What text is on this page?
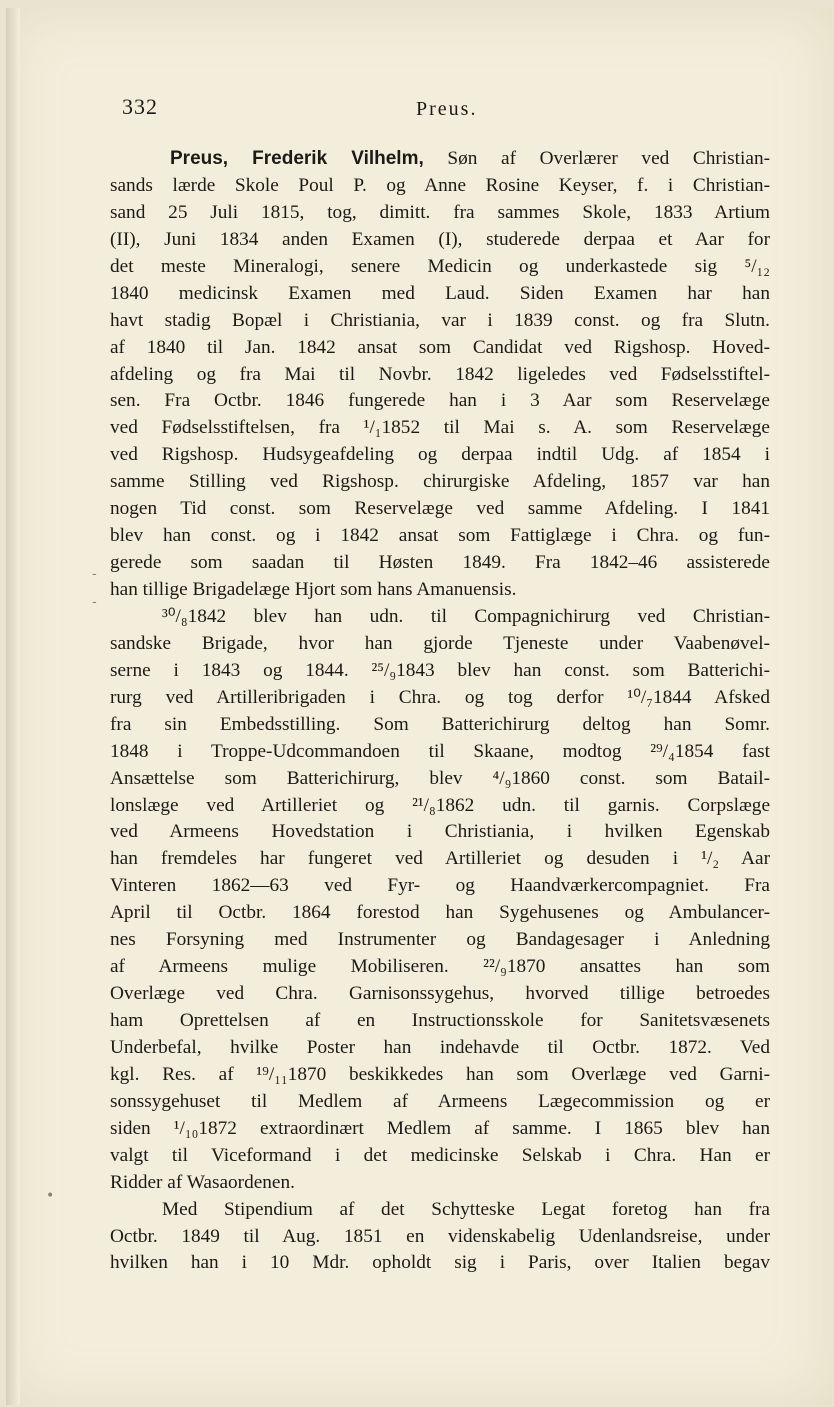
332	Preus.
Preus, Frederik Vilhelm, Søn af Overlærer ved Christian-
sands lærde Skole Poul P. og Anne Rosine Keyser, f. i Christian-
sand 25 Juli 1815, tog, dimitt. fra sammes Skole, 1833 Artium
(II), Juni 1834 anden Examen (I), studerede derpaa et Aar for
det meste Mineralogi, senere Medicin og underkastede sig ⁵/₁₂
1840 medicinsk Examen med Laud. Siden Examen har han
havt stadig Bopæl i Christiania, var i 1839 const. og fra Slutn.
af 1840 til Jan. 1842 ansat som Candidat ved Rigshosp. Hoved-
afdeling og fra Mai til Novbr. 1842 ligeledes ved Fødselsstiftel-
sen. Fra Octbr. 1846 fungerede han i 3 Aar som Reservelæge
ved Fødselsstiftelsen, fra ¹/₁1852 til Mai s. A. som Reservelæge
ved Rigshosp. Hudsygeafdeling og derpaa indtil Udg. af 1854 i
samme Stilling ved Rigshosp. chirurgiske Afdeling, 1857 var han
nogen Tid const. som Reservelæge ved samme Afdeling. I 1841
blev han const. og i 1842 ansat som Fattiglæge i Chra. og fun-
gerede som saadan til Høsten 1849. Fra 1842–46 assisterede
han tillige Brigadelæge Hjort som hans Amanuensis.
³⁰/₈1842 blev han udn. til Compagnichirurg ved Christian-
sandske Brigade, hvor han gjorde Tjeneste under Vaabenøvel-
serne i 1843 og 1844. ²⁵/₉1843 blev han const. som Batterichi-
rurg ved Artilleribrigaden i Chra. og tog derfor ¹⁰/₇1844 Afsked
fra sin Embedsstilling. Som Batterichirurg deltog han Somr.
1848 i Troppe-Udcommandoen til Skaane, modtog ²⁹/₄1854 fast
Ansættelse som Batterichirurg, blev ⁴/₉1860 const. som Batail-
lonslæge ved Artilleriet og ²¹/₈1862 udn. til garnis. Corpslæge
ved Armeens Hovedstation i Christiania, i hvilken Egenskab
han fremdeles har fungeret ved Artilleriet og desuden i ¹/₂ Aar
Vinteren 1862—63 ved Fyr- og Haandværkercompagniet. Fra
April til Octbr. 1864 forestod han Sygehusenes og Ambulancer-
nes Forsyning med Instrumenter og Bandagesager i Anledning
af Armeens mulige Mobiliseren. ²²/₉1870 ansattes han som
Overlæge ved Chra. Garnisonssygehus, hvorved tillige betroedes
ham Oprettelsen af en Instructionsskole for Sanitetsvæsenets
Underbefal, hvilke Poster han indehavde til Octbr. 1872. Ved
kgl. Res. af ¹⁹/₁₁1870 beskikkedes han som Overlæge ved Garni-
sonssygehuset til Medlem af Armeens Lægecommission og er
siden ¹/₁₀1872 extraordinært Medlem af samme. I 1865 blev han
valgt til Viceformand i det medicinske Selskab i Chra. Han er
Ridder af Wasaordenen.
Med Stipendium af det Schytteske Legat foretog han fra
Octbr. 1849 til Aug. 1851 en videnskabelig Udenlandsreise, under
hvilken han i 10 Mdr. opholdt sig i Paris, over Italien begav
-
-
•
